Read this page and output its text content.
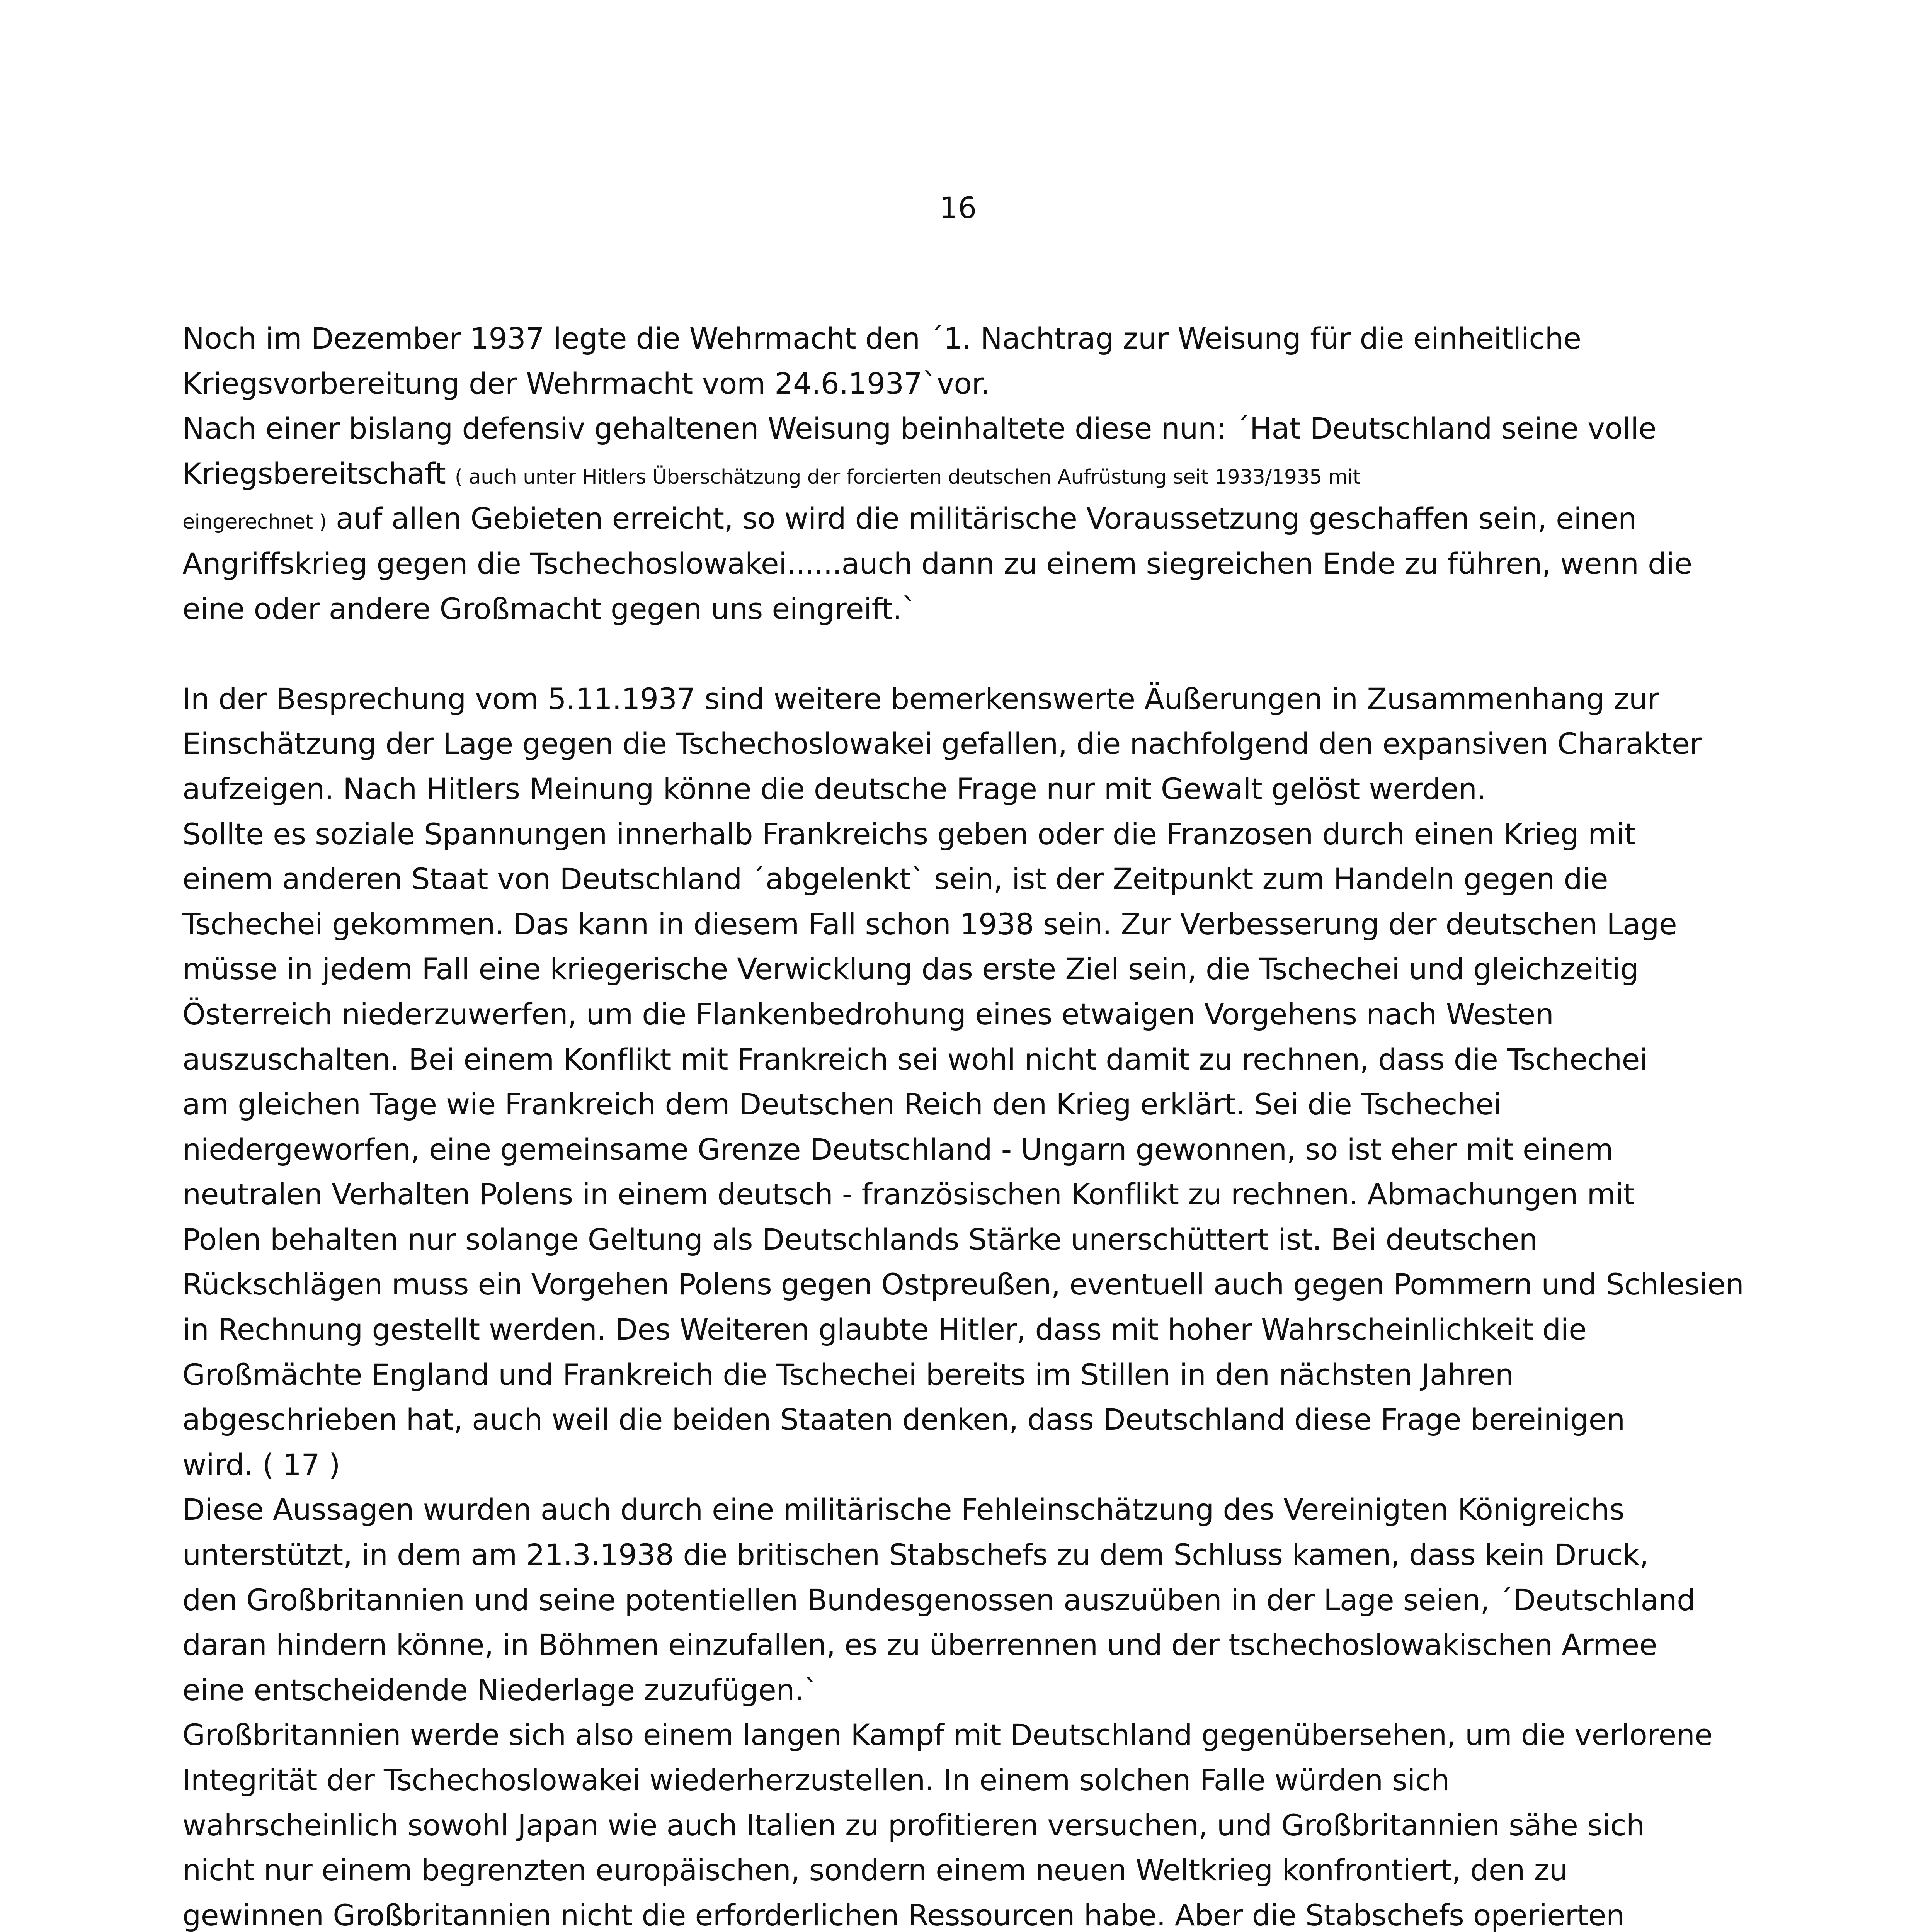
16
Noch im Dezember 1937 legte die Wehrmacht den ´1. Nachtrag zur Weisung für die einheitliche
Kriegsvorbereitung der Wehrmacht vom 24.6.1937`vor.
Nach einer bislang defensiv gehaltenen Weisung beinhaltete diese nun: ´Hat Deutschland seine volle
Kriegsbereitschaft ( auch unter Hitlers Überschätzung der forcierten deutschen Aufrüstung seit 1933/1935 mit
eingerechnet ) auf allen Gebieten erreicht, so wird die militärische Voraussetzung geschaffen sein, einen
Angriffskrieg gegen die Tschechoslowakei......auch dann zu einem siegreichen Ende zu führen, wenn die
eine oder andere Großmacht gegen uns eingreift.`
In der Besprechung vom 5.11.1937 sind weitere bemerkenswerte Äußerungen in Zusammenhang zur
Einschätzung der Lage gegen die Tschechoslowakei gefallen, die nachfolgend den expansiven Charakter
aufzeigen. Nach Hitlers Meinung könne die deutsche Frage nur mit Gewalt gelöst werden.
Sollte es soziale Spannungen innerhalb Frankreichs geben oder die Franzosen durch einen Krieg mit
einem anderen Staat von Deutschland ´abgelenkt` sein, ist der Zeitpunkt zum Handeln gegen die
Tschechei gekommen. Das kann in diesem Fall schon 1938 sein. Zur Verbesserung der deutschen Lage
müsse in jedem Fall eine kriegerische Verwicklung das erste Ziel sein, die Tschechei und gleichzeitig
Österreich niederzuwerfen, um die Flankenbedrohung eines etwaigen Vorgehens nach Westen
auszuschalten. Bei einem Konflikt mit Frankreich sei wohl nicht damit zu rechnen, dass die Tschechei
am gleichen Tage wie Frankreich dem Deutschen Reich den Krieg erklärt. Sei die Tschechei
niedergeworfen, eine gemeinsame Grenze Deutschland - Ungarn gewonnen, so ist eher mit einem
neutralen Verhalten Polens in einem deutsch - französischen Konflikt zu rechnen. Abmachungen mit
Polen behalten nur solange Geltung als Deutschlands Stärke unerschüttert ist. Bei deutschen
Rückschlägen muss ein Vorgehen Polens gegen Ostpreußen, eventuell auch gegen Pommern und Schlesien
in Rechnung gestellt werden. Des Weiteren glaubte Hitler, dass mit hoher Wahrscheinlichkeit die
Großmächte England und Frankreich die Tschechei bereits im Stillen in den nächsten Jahren
abgeschrieben hat, auch weil die beiden Staaten denken, dass Deutschland diese Frage bereinigen
wird. ( 17 )
Diese Aussagen wurden auch durch eine militärische Fehleinschätzung des Vereinigten Königreichs
unterstützt, in dem am 21.3.1938 die britischen Stabschefs zu dem Schluss kamen, dass kein Druck,
den Großbritannien und seine potentiellen Bundesgenossen auszuüben in der Lage seien, ´Deutschland
daran hindern könne, in Böhmen einzufallen, es zu überrennen und der tschechoslowakischen Armee
eine entscheidende Niederlage zuzufügen.`
Großbritannien werde sich also einem langen Kampf mit Deutschland gegenübersehen, um die verlorene
Integrität der Tschechoslowakei wiederherzustellen. In einem solchen Falle würden sich
wahrscheinlich sowohl Japan wie auch Italien zu profitieren versuchen, und Großbritannien sähe sich
nicht nur einem begrenzten europäischen, sondern einem neuen Weltkrieg konfrontiert, den zu
gewinnen Großbritannien nicht die erforderlichen Ressourcen habe. Aber die Stabschefs operierten
